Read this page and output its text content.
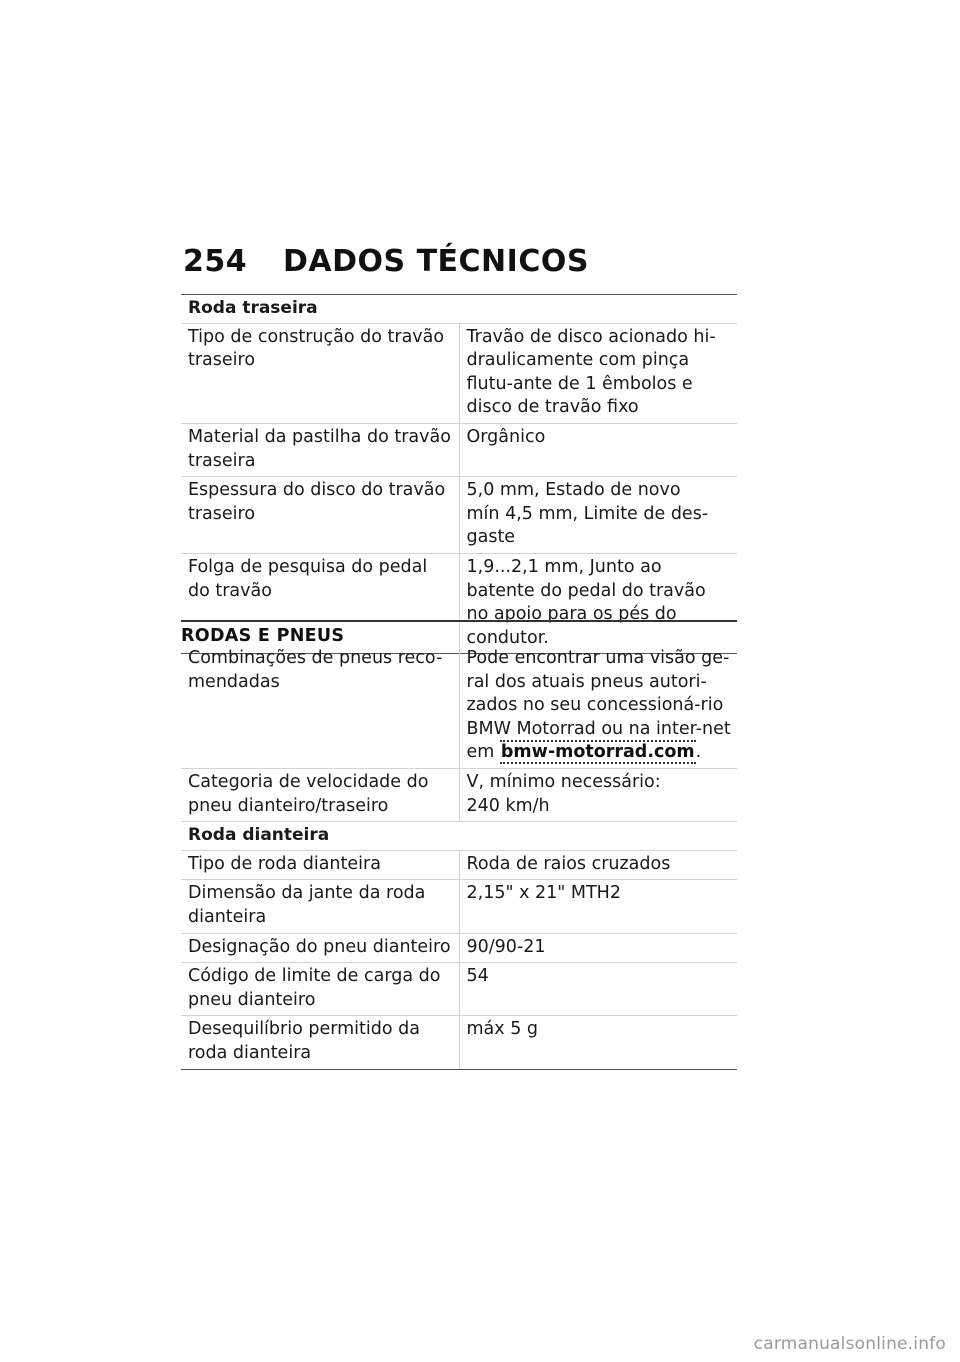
254 DADOS TÉCNICOS
Roda traseira	
Tipo de construção do travão traseiro	Travão de disco acionado hi-draulicamente com pinça flutu-ante de 1 êmbolos e disco de travão fixo
Material da pastilha do travão traseira	Orgânico
Espessura do disco do travão traseiro	5,0 mm, Estado de novo
mín 4,5 mm, Limite de des-gaste

Folga de pesquisa do pedal do travão	1,9...2,1 mm, Junto ao batente do pedal do travão no apoio para os pés do condutor.
RODAS E PNEUS
Combinações de pneus reco-mendadas	Pode encontrar uma visão ge-ral dos atuais pneus autori-zados no seu concessioná-rio BMW Motorrad ou na inter-net em bmw-motorrad.com.
Categoria de velocidade do pneu dianteiro/traseiro	V, mínimo necessário:
240 km/h

Roda dianteira	
Tipo de roda dianteira	Roda de raios cruzados
Dimensão da jante da roda dianteira	2,15" x 21" MTH2
Designação do pneu dianteiro	90/90-21
Código de limite de carga do pneu dianteiro	54
Desequilíbrio permitido da roda dianteira	máx 5 g
carmanualsonline.info
